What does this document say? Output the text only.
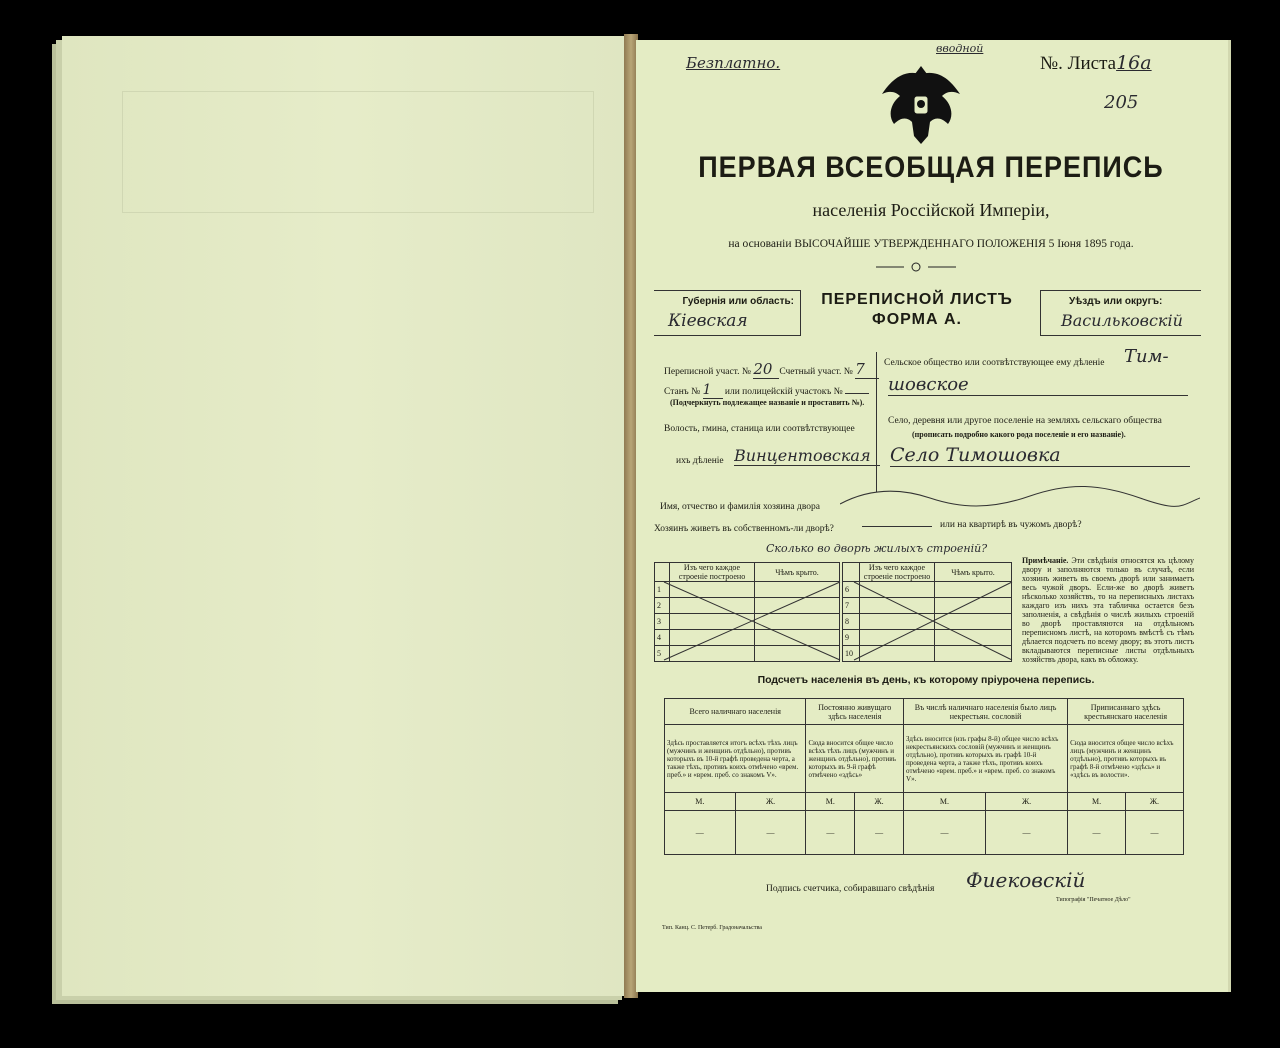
Безплатно.
вводной
№. Листа16а
205
ПЕРВАЯ ВСЕОБЩАЯ ПЕРЕПИСЬ
населенія Россійской Имперіи,
на основаніи ВЫСОЧАЙШЕ УТВЕРЖДЕННАГО ПОЛОЖЕНІЯ 5 Іюня 1895 года.
Губернія или область:
Кіевская
ПЕРЕПИСНОЙ ЛИСТЪ
ФОРМА А.
Уѣздъ или округъ:
Васильковскій
Переписной участ. № 20 Счетный участ. № 7
Станъ № 1 или полицейскій участокъ №
(Подчеркнуть подлежащее названіе и проставить №).
Волость, гмина, станица или соотвѣтствующее
ихъ дѣленіе Винцентовская
Сельское общество или соотвѣтствующее ему дѣленіе Тим-
шовское
Село, деревня или другое поселеніе на земляхъ сельскаго общества
(прописать подробно какого рода поселеніе и его названіе).
Село Тимошовка
Имя, отчество и фамилія хозяина двора
Хозяинъ живетъ въ собственномъ-ли дворѣ?	или на квартирѣ въ чужомъ дворѣ?
Сколько во дворѣ жилыхъ строеній?
	Изъ чего каждое строеніе построено	Чѣмъ крыто.
1		
2		
3		
4		
5		
	Изъ чего каждое строеніе построено	Чѣмъ крыто.
6		
7		
8		
9		
10		
Примѣчаніе. Эти свѣдѣнія относятся къ цѣлому двору и заполняются только въ случаѣ, если хозяинъ живетъ въ своемъ дворѣ или занимаетъ весь чужой дворъ. Если-же во дворѣ живетъ нѣсколько хозяйствъ, то на переписныхъ листахъ каждаго изъ нихъ эта табличка остается безъ заполненія, а свѣдѣнія о числѣ жилыхъ строеній во дворѣ проставляются на отдѣльномъ переписномъ листѣ, на которомъ вмѣстѣ съ тѣмъ дѣлается подсчетъ по всему двору; въ этотъ листъ вкладываются переписные листы отдѣльныхъ хозяйствъ двора, какъ въ обложку.
Подсчетъ населенія въ день, къ которому пріурочена перепись.
Всего наличнаго населенія		Постоянно живущаго здѣсь населенія		Въ числѣ наличнаго населенія было лицъ некрестьян. сословій		Приписаннаго здѣсь крестьянскаго населенія	
Здѣсь проставляется итогъ всѣхъ тѣхъ лицъ (мужчинъ и женщинъ отдѣльно), противъ которыхъ въ 10-й графѣ проведена черта, а также тѣхъ, противъ коихъ отмѣчено «врем. преб.» и «врем. преб. со знакомъ V».		Сюда вносится общее число всѣхъ тѣхъ лицъ (мужчинъ и женщинъ отдѣльно), противъ которыхъ въ 9-й графѣ отмѣчено «здѣсь»		Здѣсь вносится (изъ графы 8-й) общее число всѣхъ некрестьянскихъ сословій (мужчинъ и женщинъ отдѣльно), противъ которыхъ въ графѣ 10-й проведена черта, а также тѣхъ, противъ коихъ отмѣчено «врем. преб.» и «врем. преб. со знакомъ V».		Сюда вносится общее число всѣхъ лицъ (мужчинъ и женщинъ отдѣльно), противъ которыхъ въ графѣ 8-й отмѣчено «здѣсь» и «здѣсь въ волости».	
М.	Ж.	М.	Ж.	М.	Ж.	М.	Ж.
—	—	—	—	—	—	—	—
Подпись счетчика, собиравшаго свѣдѣнія Фиековскій
Тип. Канц. С. Петерб. Градоначальства
Типографія "Печатное Дѣло"
